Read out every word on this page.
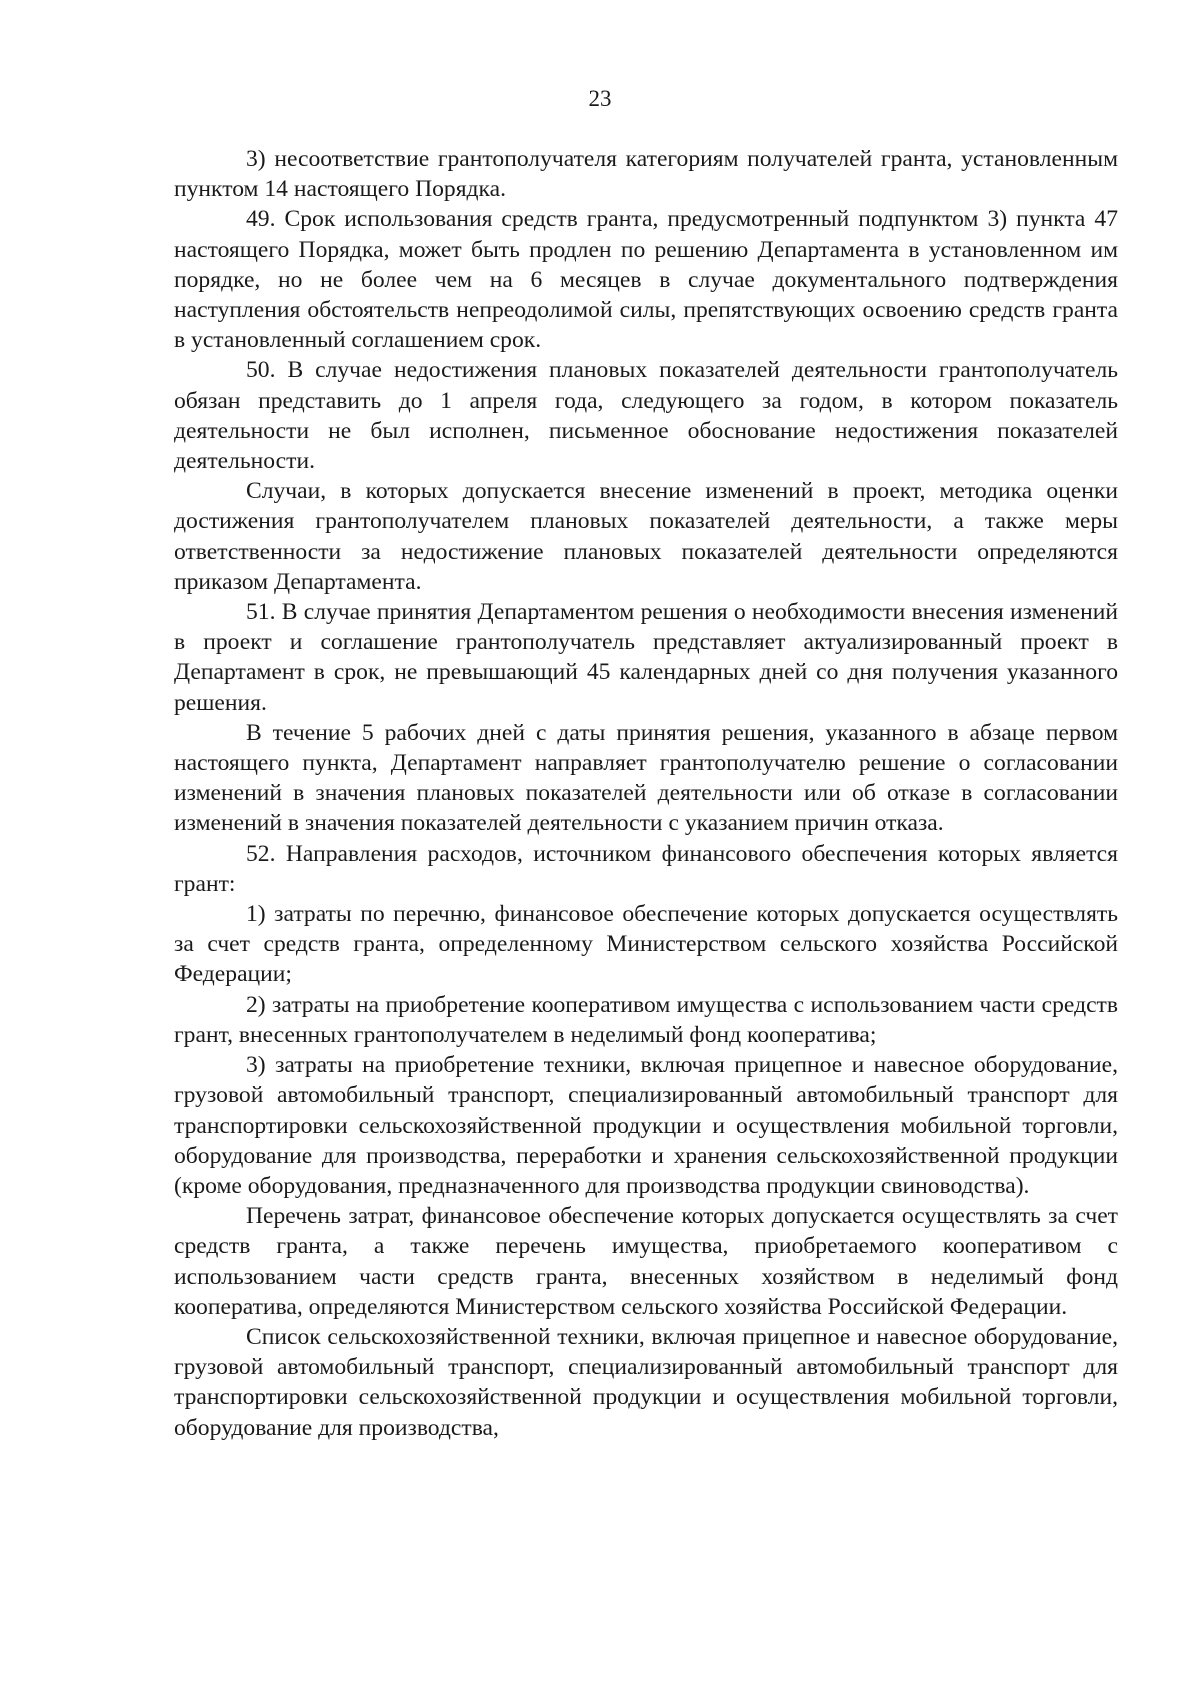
23

3) несоответствие грантополучателя категориям получателей гранта, установленным пунктом 14 настоящего Порядка.

49. Срок использования средств гранта, предусмотренный подпунктом 3) пункта 47 настоящего Порядка, может быть продлен по решению Департамента в установленном им порядке, но не более чем на 6 месяцев в случае документального подтверждения наступления обстоятельств непреодолимой силы, препятствующих освоению средств гранта в установленный соглашением срок.

50. В случае недостижения плановых показателей деятельности грантополучатель обязан представить до 1 апреля года, следующего за годом, в котором показатель деятельности не был исполнен, письменное обоснование недостижения показателей деятельности.

Случаи, в которых допускается внесение изменений в проект, методика оценки достижения грантополучателем плановых показателей деятельности, а также меры ответственности за недостижение плановых показателей деятельности определяются приказом Департамента.

51. В случае принятия Департаментом решения о необходимости внесения изменений в проект и соглашение грантополучатель представляет актуализированный проект в Департамент в срок, не превышающий 45 календарных дней со дня получения указанного решения.

В течение 5 рабочих дней с даты принятия решения, указанного в абзаце первом настоящего пункта, Департамент направляет грантополучателю решение о согласовании изменений в значения плановых показателей деятельности или об отказе в согласовании изменений в значения показателей деятельности с указанием причин отказа.

52. Направления расходов, источником финансового обеспечения которых является грант:

1) затраты по перечню, финансовое обеспечение которых допускается осуществлять за счет средств гранта, определенному Министерством сельского хозяйства Российской Федерации;

2) затраты на приобретение кооперативом имущества с использованием части средств грант, внесенных грантополучателем в неделимый фонд кооператива;

3) затраты на приобретение техники, включая прицепное и навесное оборудование, грузовой автомобильный транспорт, специализированный автомобильный транспорт для транспортировки сельскохозяйственной продукции и осуществления мобильной торговли, оборудование для производства, переработки и хранения сельскохозяйственной продукции (кроме оборудования, предназначенного для производства продукции свиноводства).

Перечень затрат, финансовое обеспечение которых допускается осуществлять за счет средств гранта, а также перечень имущества, приобретаемого кооперативом с использованием части средств гранта, внесенных хозяйством в неделимый фонд кооператива, определяются Министерством сельского хозяйства Российской Федерации.

Список сельскохозяйственной техники, включая прицепное и навесное оборудование, грузовой автомобильный транспорт, специализированный автомобильный транспорт для транспортировки сельскохозяйственной продукции и осуществления мобильной торговли, оборудование для производства,
